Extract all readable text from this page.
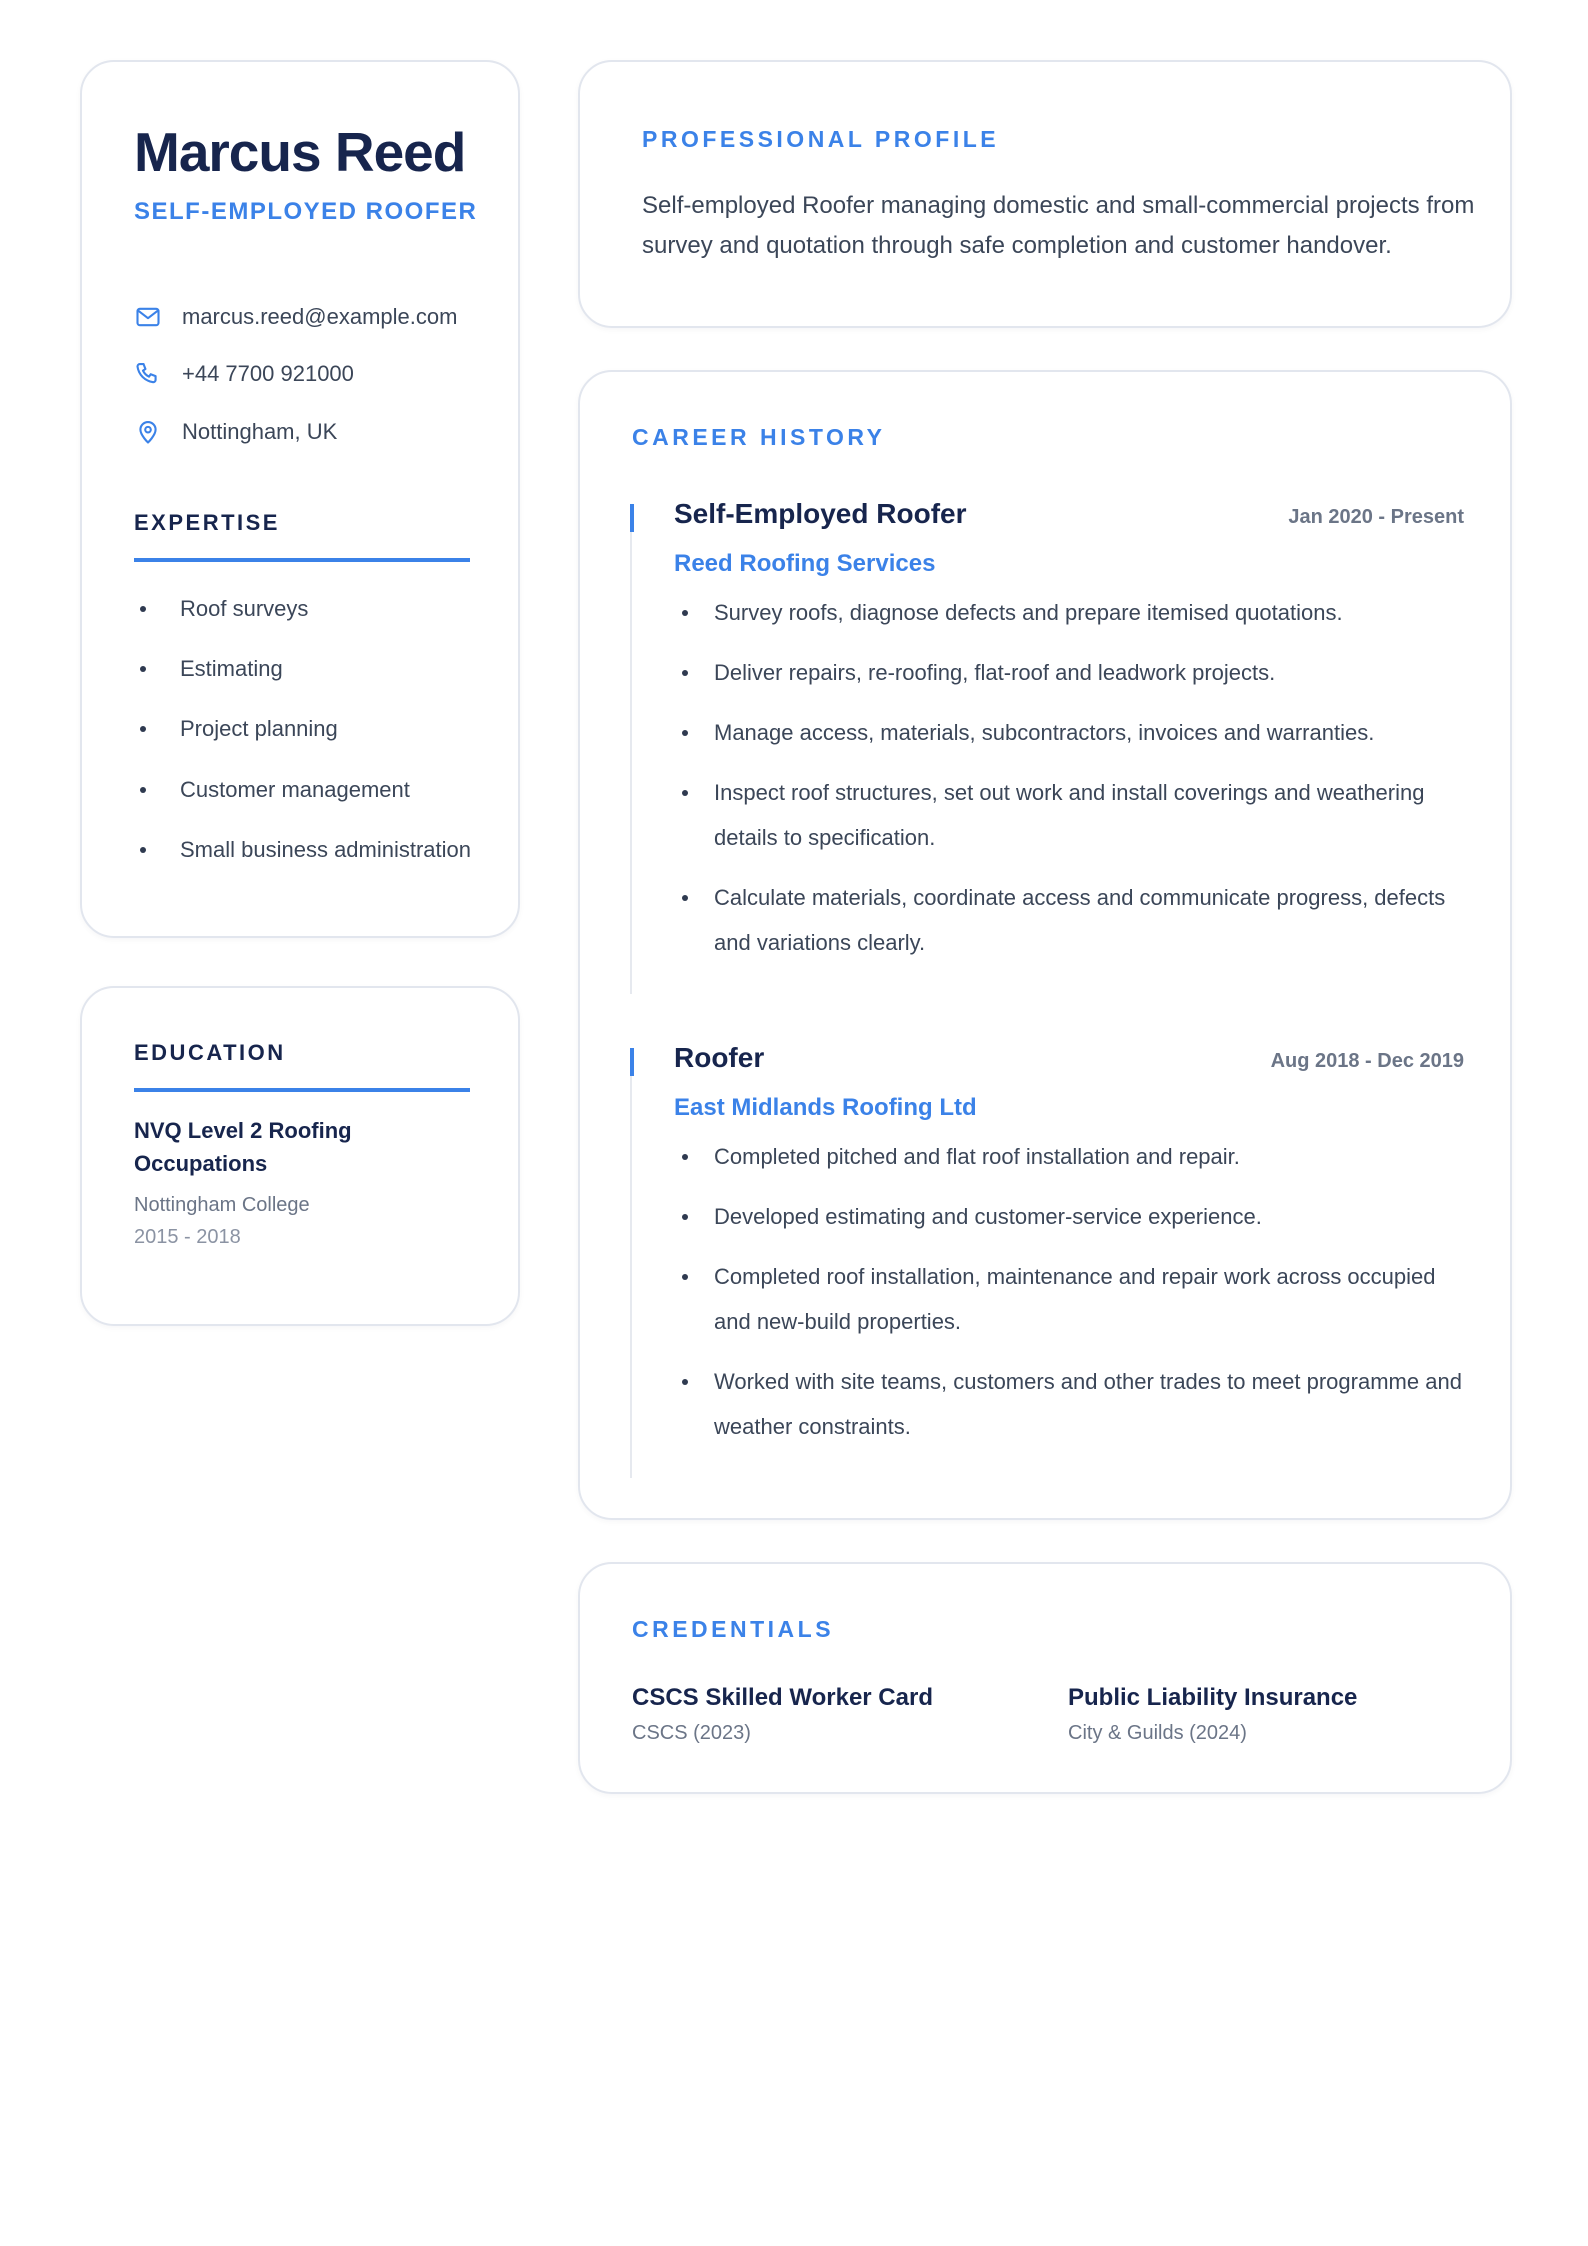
Marcus Reed
SELF-EMPLOYED ROOFER
marcus.reed@example.com
+44 7700 921000
Nottingham, UK
EXPERTISE
Roof surveys
Estimating
Project planning
Customer management
Small business administration
EDUCATION
NVQ Level 2 Roofing Occupations
Nottingham College
2015 - 2018
PROFESSIONAL PROFILE
Self-employed Roofer managing domestic and small-commercial projects from survey and quotation through safe completion and customer handover.
CAREER HISTORY
Self-Employed Roofer	Jan 2020 - Present
Reed Roofing Services
Survey roofs, diagnose defects and prepare itemised quotations.
Deliver repairs, re-roofing, flat-roof and leadwork projects.
Manage access, materials, subcontractors, invoices and warranties.
Inspect roof structures, set out work and install coverings and weathering details to specification.
Calculate materials, coordinate access and communicate progress, defects and variations clearly.
Roofer	Aug 2018 - Dec 2019
East Midlands Roofing Ltd
Completed pitched and flat roof installation and repair.
Developed estimating and customer-service experience.
Completed roof installation, maintenance and repair work across occupied and new-build properties.
Worked with site teams, customers and other trades to meet programme and weather constraints.
CREDENTIALS
CSCS Skilled Worker Card
CSCS (2023)
Public Liability Insurance
City & Guilds (2024)
